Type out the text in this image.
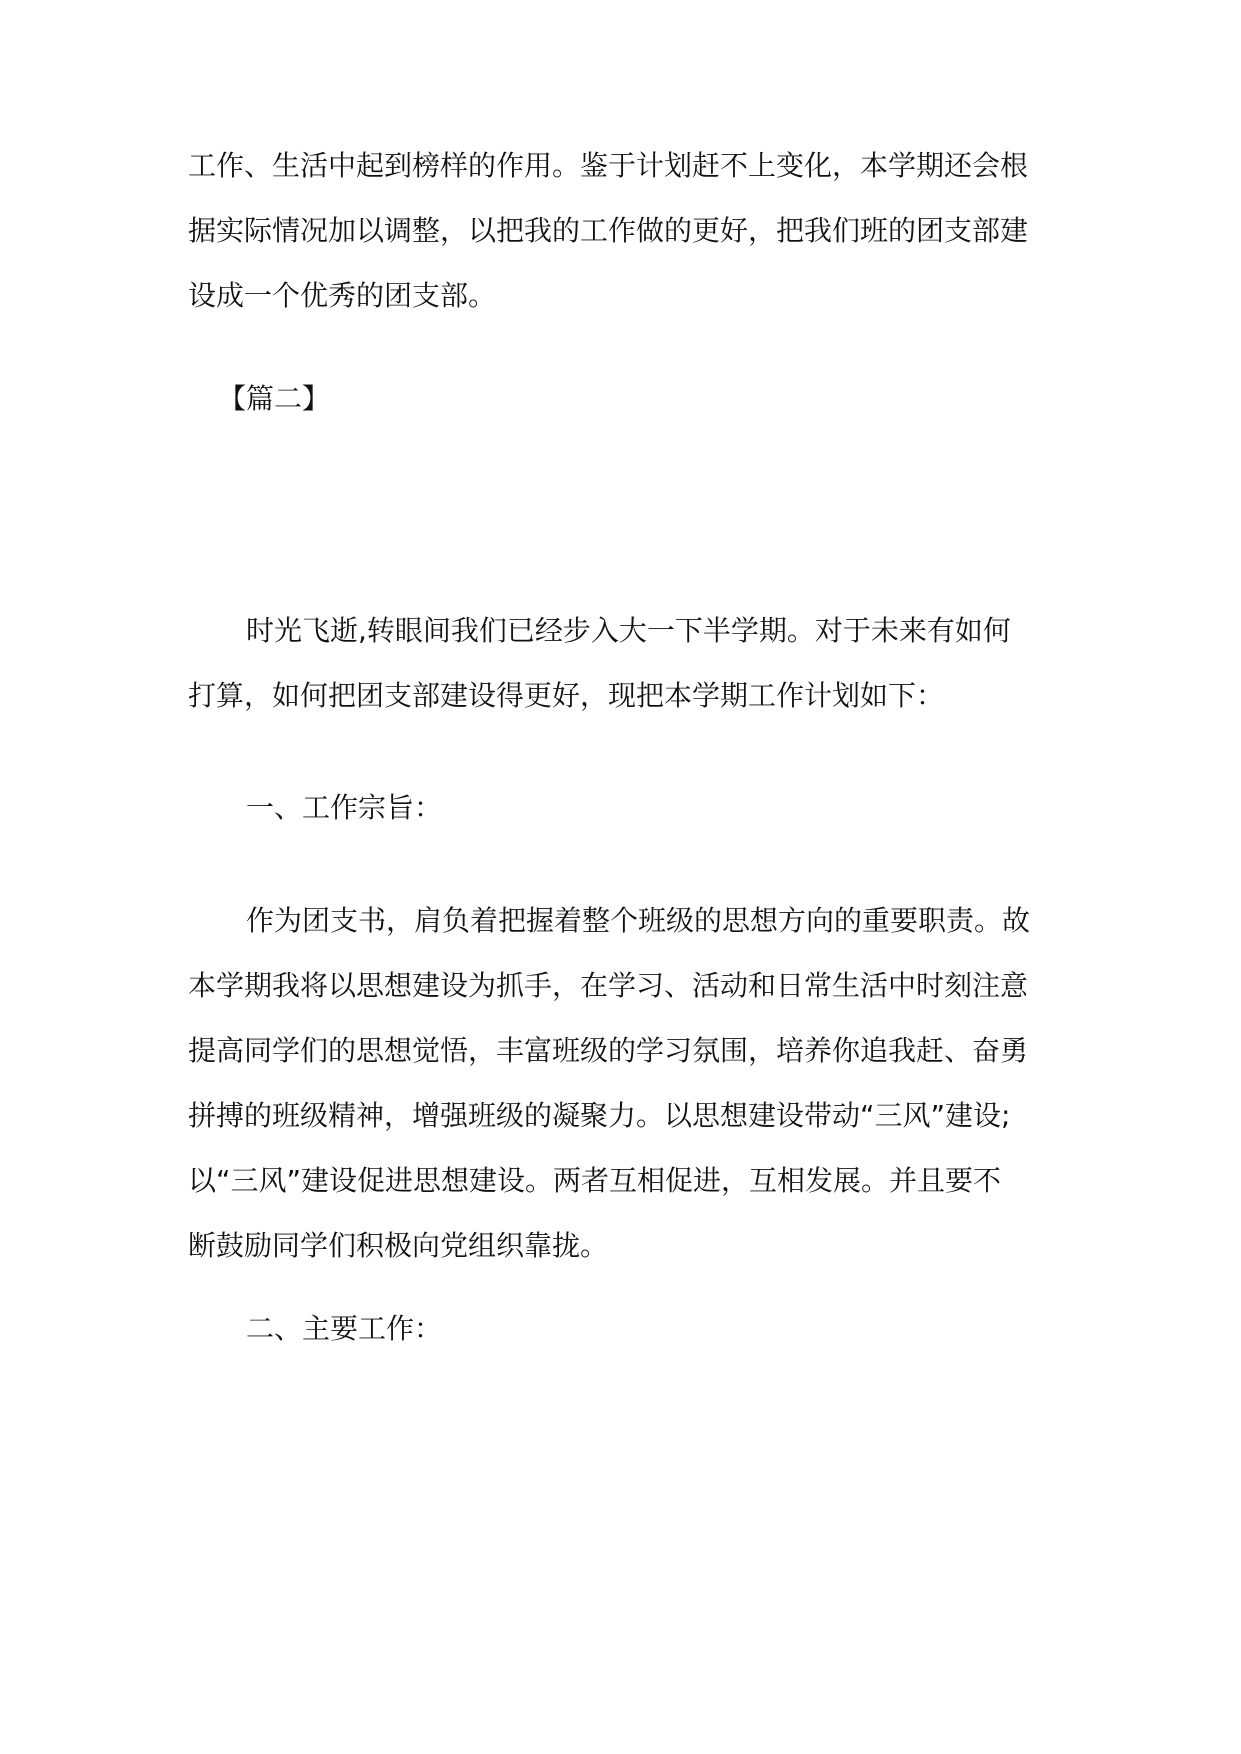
工作、生活中起到榜样的作用。鉴于计划赶不上变化，本学期还会根
据实际情况加以调整，以把我的工作做的更好，把我们班的团支部建
设成一个优秀的团支部。
【篇二】
时光飞逝,转眼间我们已经步入大一下半学期。对于未来有如何
打算，如何把团支部建设得更好，现把本学期工作计划如下：
一、工作宗旨：
作为团支书，肩负着把握着整个班级的思想方向的重要职责。故
本学期我将以思想建设为抓手，在学习、活动和日常生活中时刻注意
提高同学们的思想觉悟，丰富班级的学习氛围，培养你追我赶、奋勇
拼搏的班级精神，增强班级的凝聚力。以思想建设带动“三风”建设;
以“三风”建设促进思想建设。两者互相促进，互相发展。并且要不
断鼓励同学们积极向党组织靠拢。
二、主要工作：
